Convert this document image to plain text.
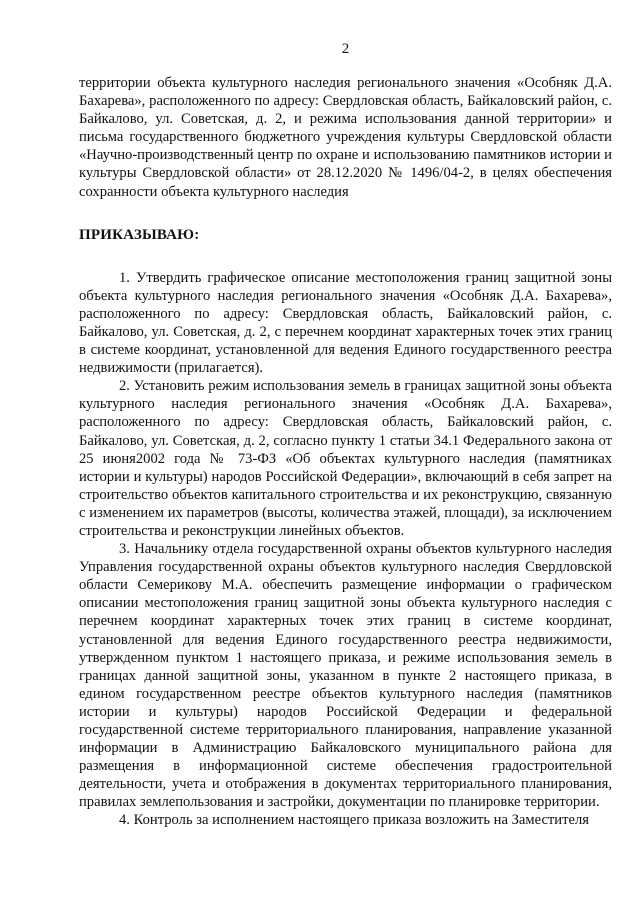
2

территории объекта культурного наследия регионального значения «Особняк Д.А. Бахарева», расположенного по адресу: Свердловская область, Байкаловский район, с. Байкалово, ул. Советская, д. 2, и режима использования данной территории» и письма государственного бюджетного учреждения культуры Свердловской области «Научно-производственный центр по охране и использованию памятников истории и культуры Свердловской области» от 28.12.2020 № 1496/04-2, в целях обеспечения сохранности объекта культурного наследия

ПРИКАЗЫВАЮ:

1. Утвердить графическое описание местоположения границ защитной зоны объекта культурного наследия регионального значения «Особняк Д.А. Бахарева», расположенного по адресу: Свердловская область, Байкаловский район, с. Байкалово, ул. Советская, д. 2, с перечнем координат характерных точек этих границ в системе координат, установленной для ведения Единого государственного реестра недвижимости (прилагается).

2. Установить режим использования земель в границах защитной зоны объекта культурного наследия регионального значения «Особняк Д.А. Бахарева», расположенного по адресу: Свердловская область, Байкаловский район, с. Байкалово, ул. Советская, д. 2, согласно пункту 1 статьи 34.1 Федерального закона от 25 июня2002 года № 73-ФЗ «Об объектах культурного наследия (памятниках истории и культуры) народов Российской Федерации», включающий в себя запрет на строительство объектов капитального строительства и их реконструкцию, связанную с изменением их параметров (высоты, количества этажей, площади), за исключением строительства и реконструкции линейных объектов.

3. Начальнику отдела государственной охраны объектов культурного наследия Управления государственной охраны объектов культурного наследия Свердловской области Семерикову М.А. обеспечить размещение информации о графическом описании местоположения границ защитной зоны объекта культурного наследия с перечнем координат характерных точек этих границ в системе координат, установленной для ведения Единого государственного реестра недвижимости, утвержденном пунктом 1 настоящего приказа, и режиме использования земель в границах данной защитной зоны, указанном в пункте 2 настоящего приказа, в едином государственном реестре объектов культурного наследия (памятников истории и культуры) народов Российской Федерации и федеральной государственной системе территориального планирования, направление указанной информации в Администрацию Байкаловского муниципального района для размещения в информационной системе обеспечения градостроительной деятельности, учета и отображения в документах территориального планирования, правилах землепользования и застройки, документации по планировке территории.

4. Контроль за исполнением настоящего приказа возложить на Заместителя
